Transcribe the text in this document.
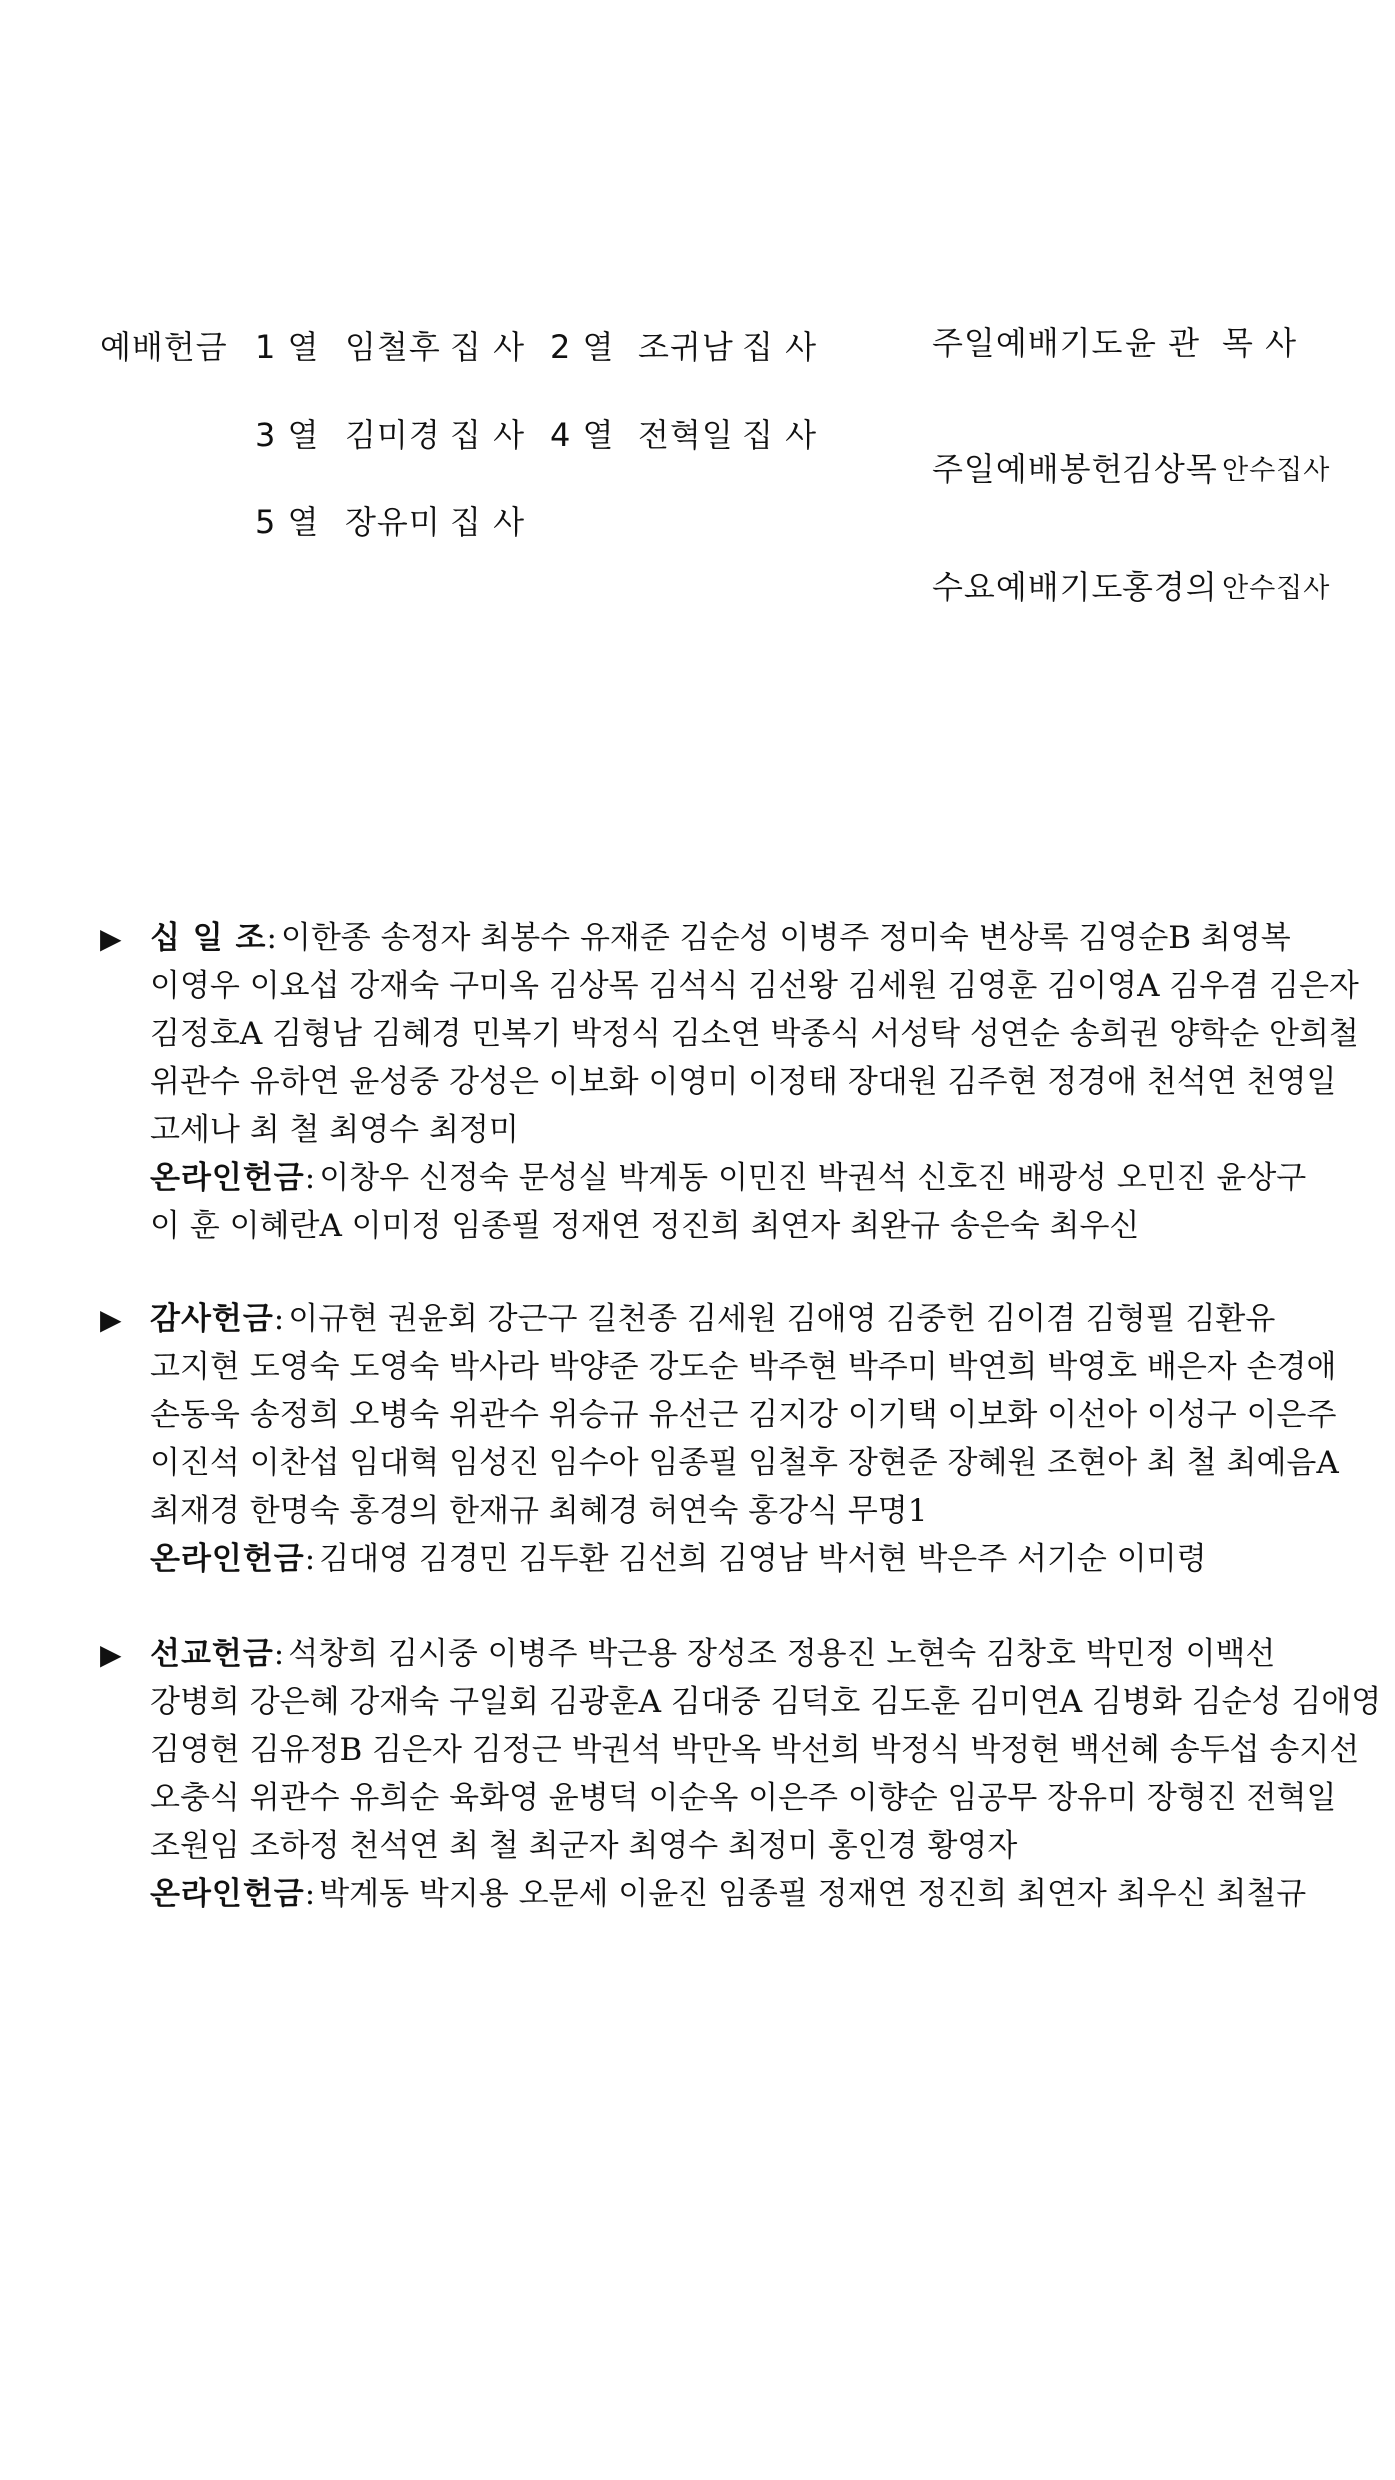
예배헌금 1 열 임철후 집 사 2 열 조귀남 집 사
3 열 김미경 집 사 4 열 전혁일 집 사
5 열 장유미 집 사
주일예배기도 윤 관 목 사
주일예배봉헌
김상목 안수집사
수요예배기도
홍경의 안수집사
▶ 십 일 조: 이한종 송정자 최봉수 유재준 김순성 이병주 정미숙 변상록 김영순B 최영복
이영우 이요섭 강재숙 구미옥 김상목 김석식 김선왕 김세원 김영훈 김이영A 김우겸 김은자
김정호A 김형남 김혜경 민복기 박정식 김소연 박종식 서성탁 성연순 송희권 양학순 안희철
위관수 유하연 윤성중 강성은 이보화 이영미 이정태 장대원 김주현 정경애 천석연 천영일
고세나 최 철 최영수 최정미
온라인헌금: 이창우 신정숙 문성실 박계동 이민진 박권석 신호진 배광성 오민진 윤상구
이 훈 이혜란A 이미정 임종필 정재연 정진희 최연자 최완규 송은숙 최우신
▶ 감사헌금: 이규현 권윤회 강근구 길천종 김세원 김애영 김중헌 김이겸 김형필 김환유
고지현 도영숙 도영숙 박사라 박양준 강도순 박주현 박주미 박연희 박영호 배은자 손경애
손동욱 송정희 오병숙 위관수 위승규 유선근 김지강 이기택 이보화 이선아 이성구 이은주
이진석 이찬섭 임대혁 임성진 임수아 임종필 임철후 장현준 장혜원 조현아 최 철 최예음A
최재경 한명숙 홍경의 한재규 최혜경 허연숙 홍강식 무명1
온라인헌금: 김대영 김경민 김두환 김선희 김영남 박서현 박은주 서기순 이미령
▶ 선교헌금: 석창희 김시중 이병주 박근용 장성조 정용진 노현숙 김창호 박민정 이백선
강병희 강은혜 강재숙 구일회 김광훈A 김대중 김덕호 김도훈 김미연A 김병화 김순성 김애영
김영현 김유정B 김은자 김정근 박권석 박만옥 박선희 박정식 박정현 백선혜 송두섭 송지선
오충식 위관수 유희순 육화영 윤병덕 이순옥 이은주 이향순 임공무 장유미 장형진 전혁일
조원임 조하정 천석연 최 철 최군자 최영수 최정미 홍인경 황영자
온라인헌금: 박계동 박지용 오문세 이윤진 임종필 정재연 정진희 최연자 최우신 최철규
